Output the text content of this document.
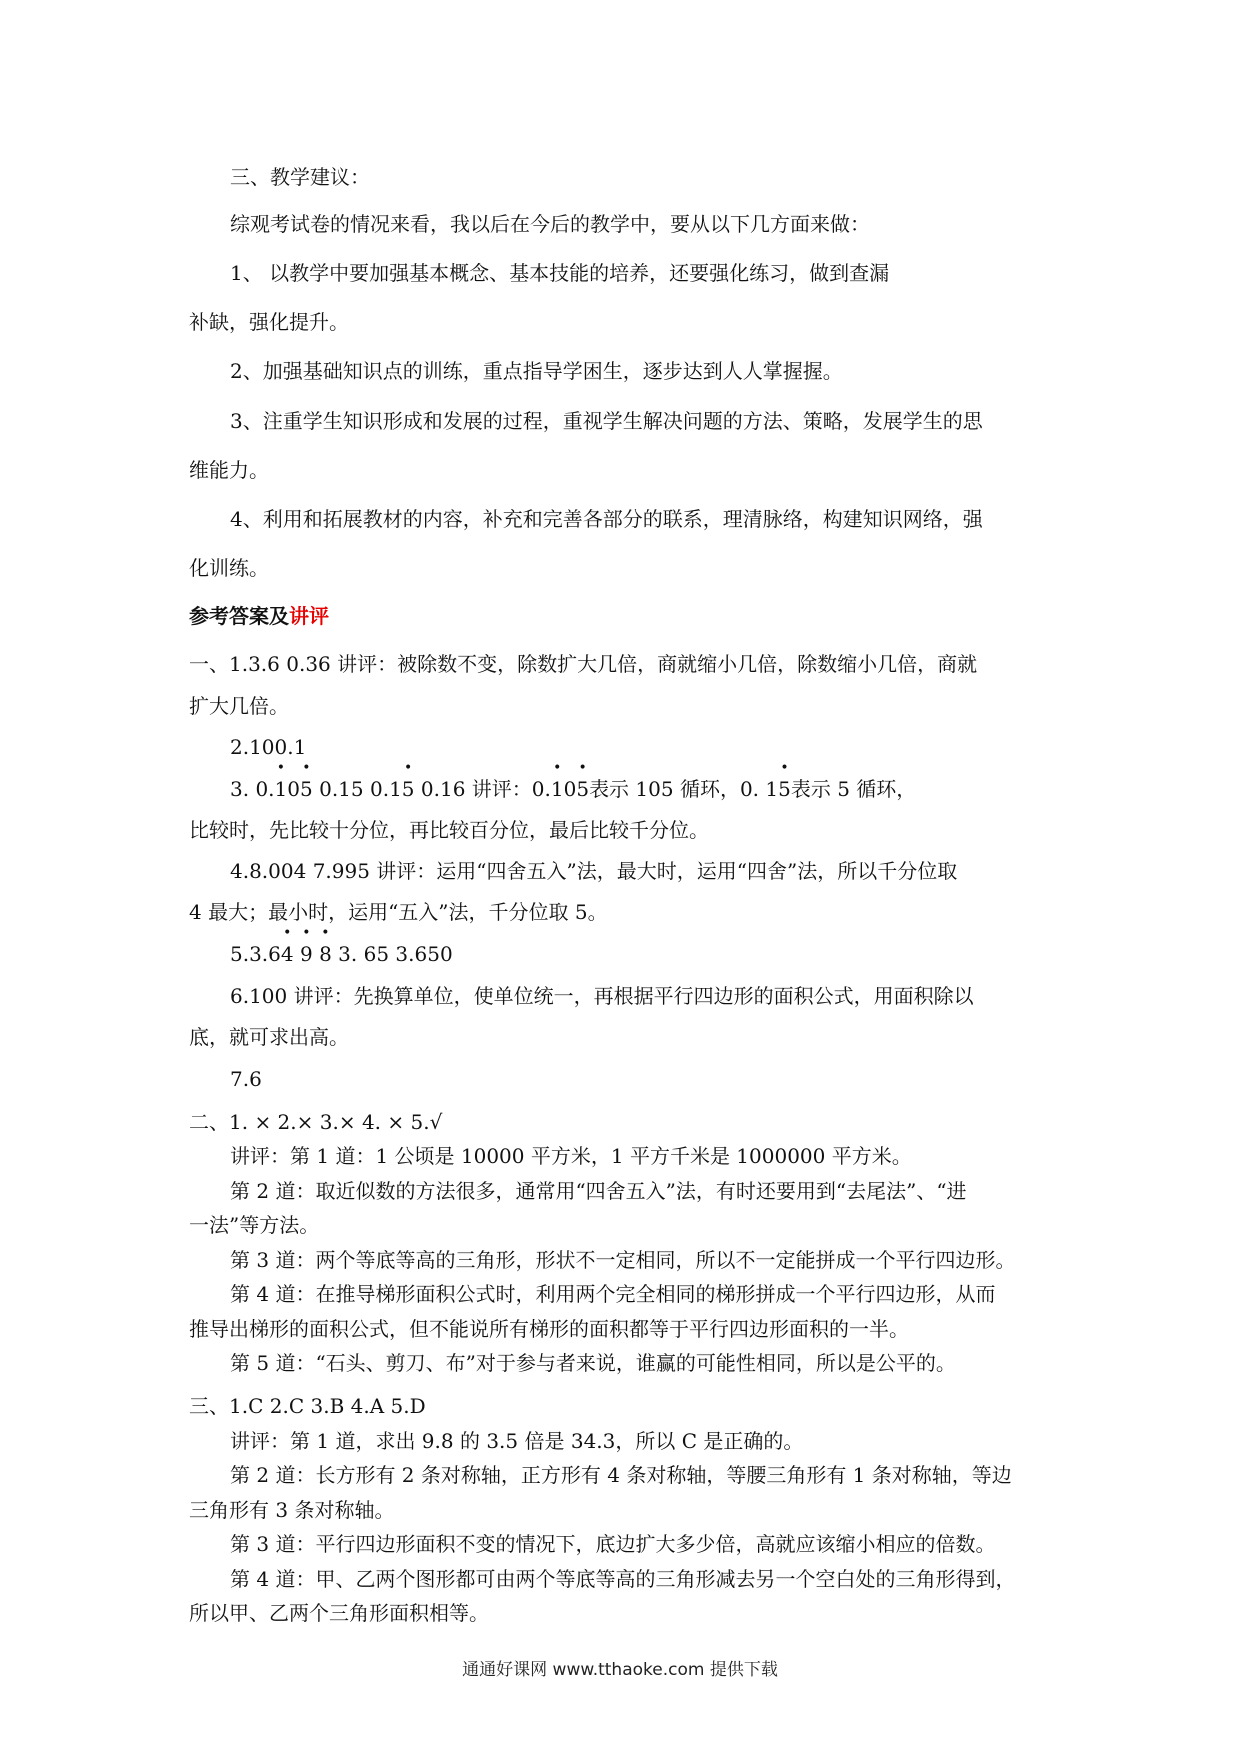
三、教学建议：

综观考试卷的情况来看，我以后在今后的教学中，要从以下几方面来做：

1、 以教学中要加强基本概念、基本技能的培养，还要强化练习，做到查漏

补缺，强化提升。

2、加强基础知识点的训练，重点指导学困生，逐步达到人人掌握握。

3、注重学生知识形成和发展的过程，重视学生解决问题的方法、策略，发展学生的思

维能力。

4、利用和拓展教材的内容，补充和完善各部分的联系，理清脉络，构建知识网络，强

化训练。

参考答案及讲评

一、1.3.6 0.36 讲评：被除数不变，除数扩大几倍，商就缩小几倍，除数缩小几倍，商就

扩大几倍。

2.100.1

3. 0.• 10• 5 0.15 0.1• 5 0.16 讲评：0.• 10• 5表示 105 循环，0. 1• 5表示 5 循环，

比较时，先比较十分位，再比较百分位，最后比较千分位。

4.8.004 7.995 讲评：运用“四舍五入”法，最大时，运用“四舍”法，所以千分位取

4 最大；最小时，运用“五入”法，千分位取 5。

5.3.6• 4 • 9 • 8 3. 65 3.650

6.100 讲评：先换算单位，使单位统一，再根据平行四边形的面积公式，用面积除以

底，就可求出高。

7.6

二、1. × 2.× 3.× 4. × 5.√

讲评：第 1 道：1 公顷是 10000 平方米，1 平方千米是 1000000 平方米。

第 2 道：取近似数的方法很多，通常用“四舍五入”法，有时还要用到“去尾法”、“进

一法”等方法。

第 3 道：两个等底等高的三角形，形状不一定相同，所以不一定能拼成一个平行四边形。

第 4 道：在推导梯形面积公式时，利用两个完全相同的梯形拼成一个平行四边形，从而

推导出梯形的面积公式，但不能说所有梯形的面积都等于平行四边形面积的一半。

第 5 道：“石头、剪刀、布”对于参与者来说，谁赢的可能性相同，所以是公平的。

三、1.C 2.C 3.B 4.A 5.D

讲评：第 1 道，求出 9.8 的 3.5 倍是 34.3，所以 C 是正确的。

第 2 道：长方形有 2 条对称轴，正方形有 4 条对称轴，等腰三角形有 1 条对称轴，等边

三角形有 3 条对称轴。

第 3 道：平行四边形面积不变的情况下，底边扩大多少倍，高就应该缩小相应的倍数。

第 4 道：甲、乙两个图形都可由两个等底等高的三角形减去另一个空白处的三角形得到，

所以甲、乙两个三角形面积相等。

通通好课网 www.tthaoke.com 提供下载
